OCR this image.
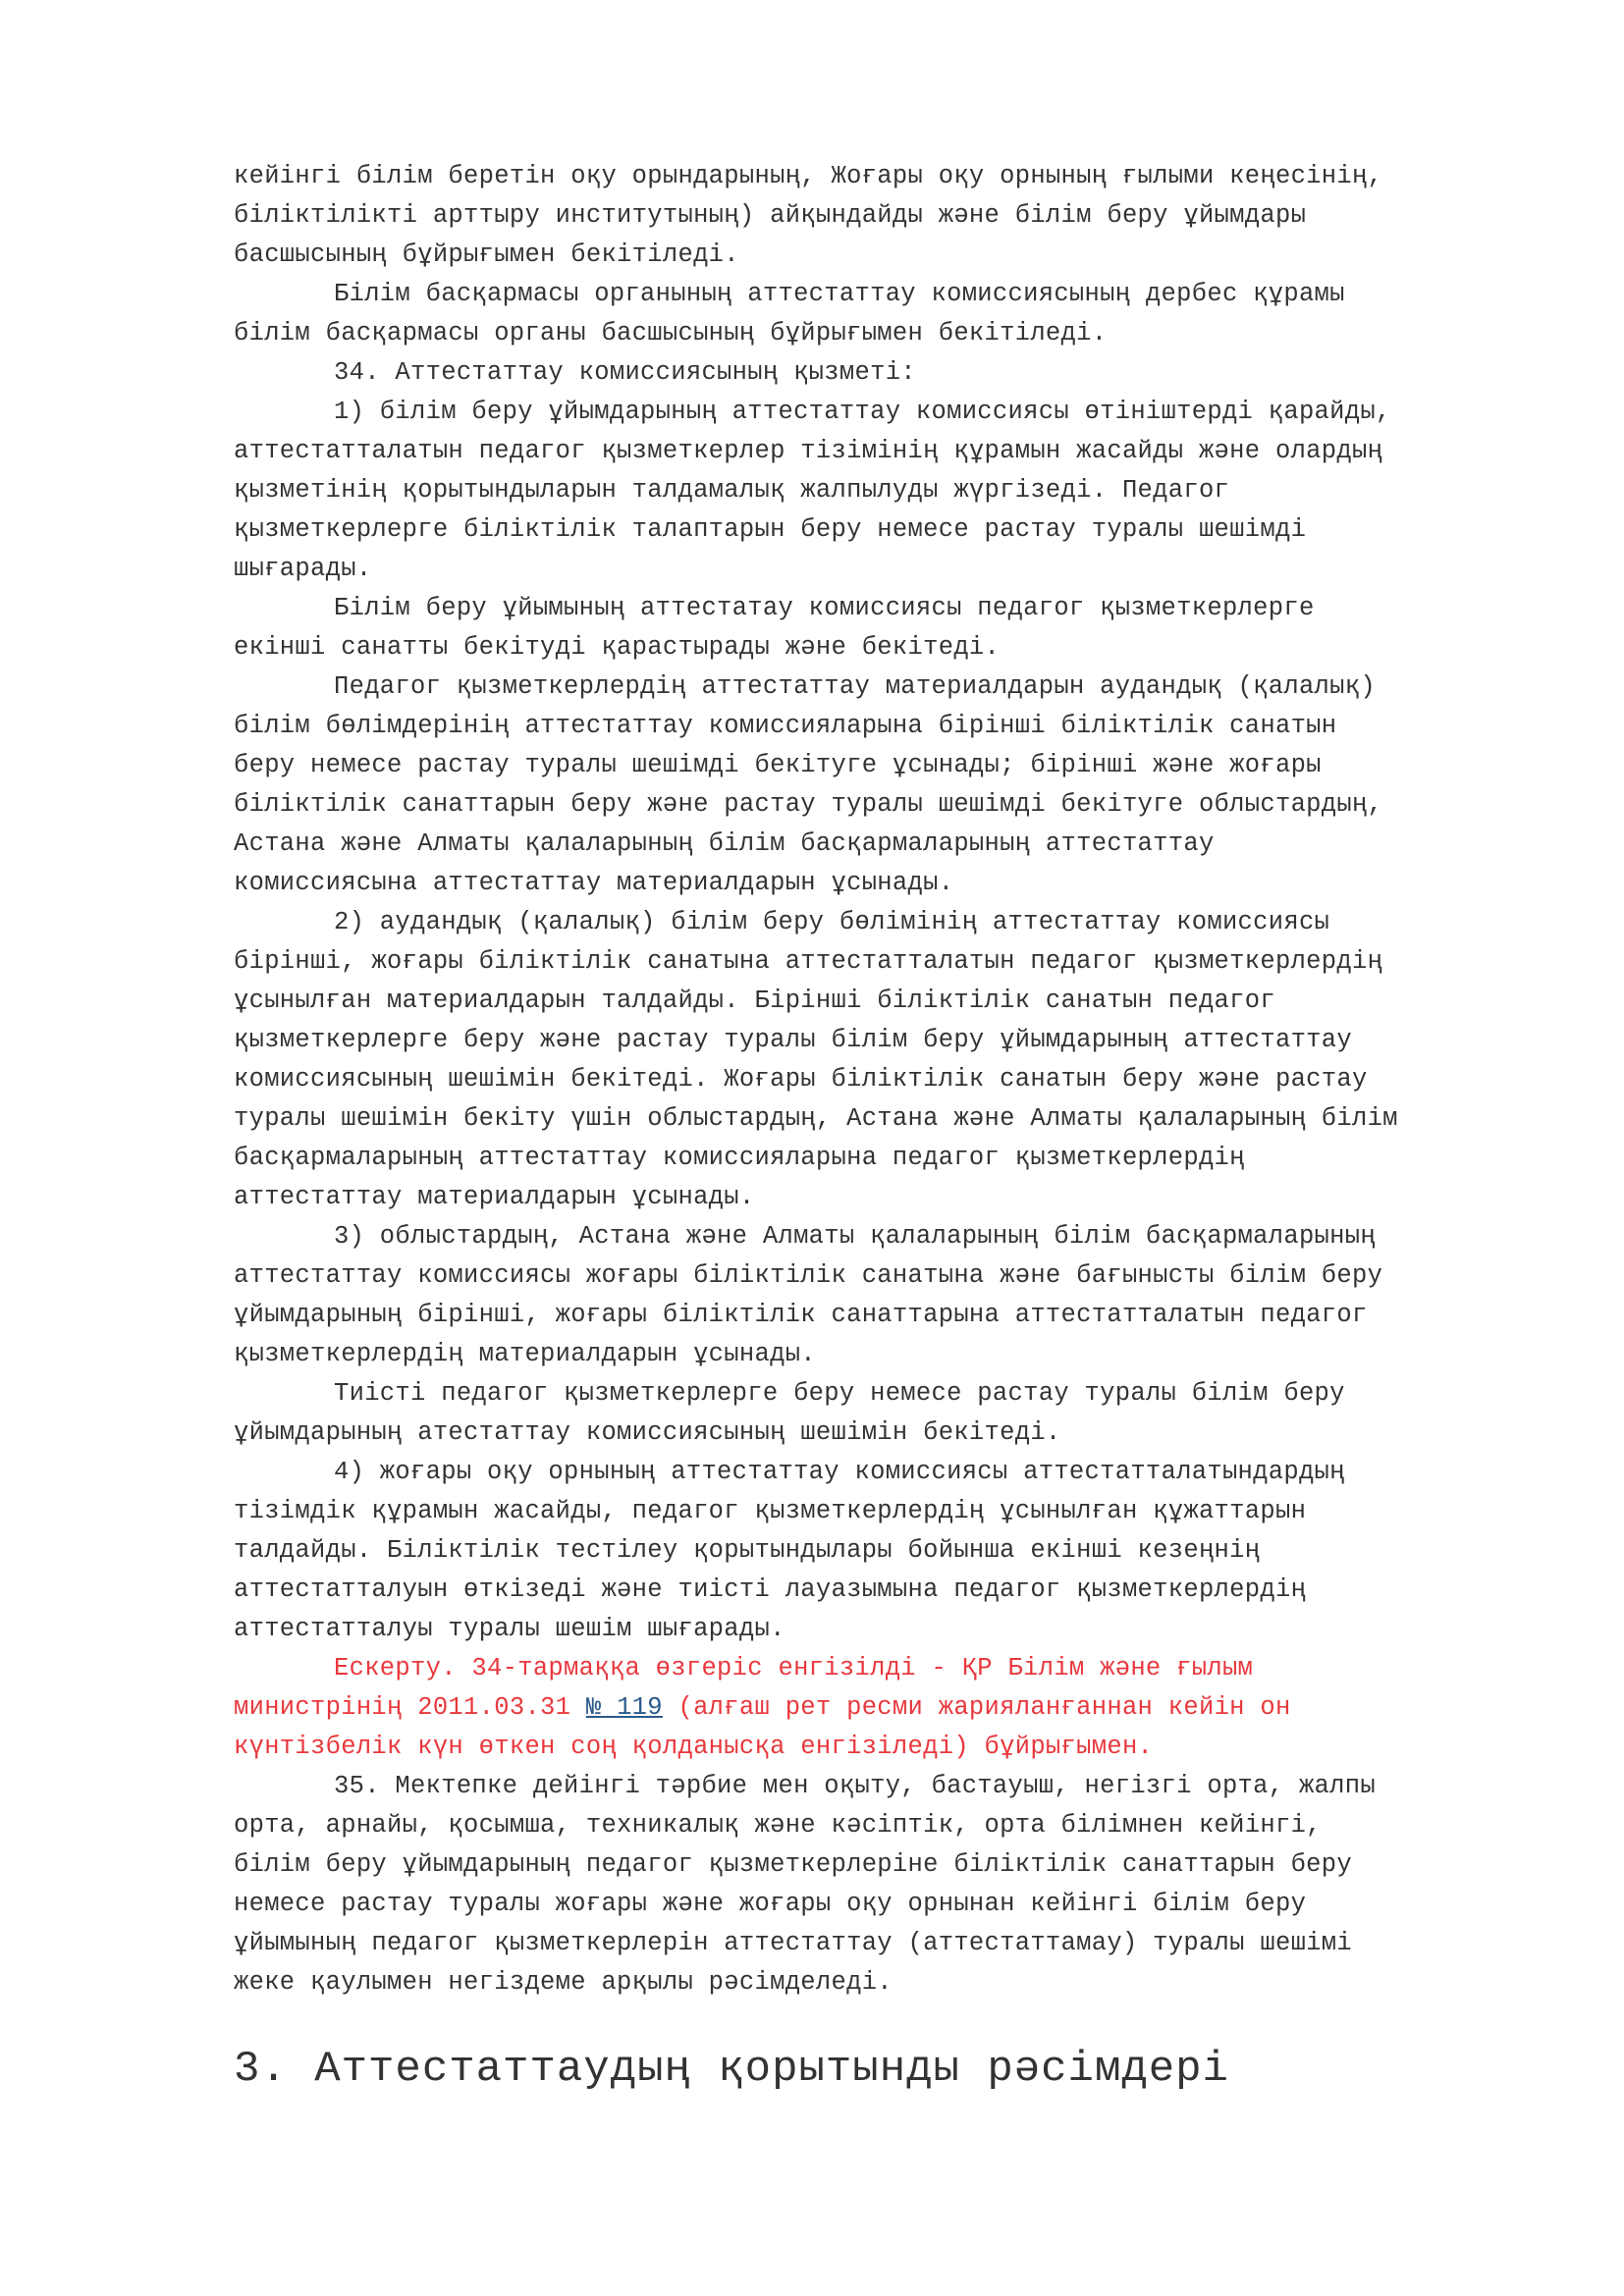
кейінгі білім беретін оқу орындарының, Жоғары оқу орнының ғылыми кеңесінің,
біліктілікті арттыру институтының) айқындайды және білім беру ұйымдары
басшысының бұйрығымен бекітіледі.
Білім басқармасы органының аттестаттау комиссиясының дербес құрамы
білім басқармасы органы басшысының бұйрығымен бекітіледі.
34. Аттестаттау комиссиясының қызметі:
1) білім беру ұйымдарының аттестаттау комиссиясы өтініштерді қарайды,
аттестатталатын педагог қызметкерлер тізімінің құрамын жасайды және олардың
қызметінің қорытындыларын талдамалық жалпылуды жүргізеді. Педагог
қызметкерлерге біліктілік талаптарын беру немесе растау туралы шешімді
шығарады.
Білім беру ұйымының аттестатау комиссиясы педагог қызметкерлерге
екінші санатты бекітуді қарастырады және бекітеді.
Педагог қызметкерлердің аттестаттау материалдарын аудандық (қалалық)
білім бөлімдерінің аттестаттау комиссияларына бірінші біліктілік санатын
беру немесе растау туралы шешімді бекітуге ұсынады; бірінші және жоғары
біліктілік санаттарын беру және растау туралы шешімді бекітуге облыстардың,
Астана және Алматы қалаларының білім басқармаларының аттестаттау
комиссиясына аттестаттау материалдарын ұсынады.
2) аудандық (қалалық) білім беру бөлімінің аттестаттау комиссиясы
бірінші, жоғары біліктілік санатына аттестатталатын педагог қызметкерлердің
ұсынылған материалдарын талдайды. Бірінші біліктілік санатын педагог
қызметкерлерге беру және растау туралы білім беру ұйымдарының аттестаттау
комиссиясының шешімін бекітеді. Жоғары біліктілік санатын беру және растау
туралы шешімін бекіту үшін облыстардың, Астана және Алматы қалаларының білім
басқармаларының аттестаттау комиссияларына педагог қызметкерлердің
аттестаттау материалдарын ұсынады.
3) облыстардың, Астана және Алматы қалаларының білім басқармаларының
аттестаттау комиссиясы жоғары біліктілік санатына және бағынысты білім беру
ұйымдарының бірінші, жоғары біліктілік санаттарына аттестатталатын педагог
қызметкерлердің материалдарын ұсынады.
Тиісті педагог қызметкерлерге беру немесе растау туралы білім беру
ұйымдарының атестаттау комиссиясының шешімін бекітеді.
4) жоғары оқу орнының аттестаттау комиссиясы аттестатталатындардың
тізімдік құрамын жасайды, педагог қызметкерлердің ұсынылған құжаттарын
талдайды. Біліктілік тестілеу қорытындылары бойынша екінші кезеңнің
аттестатталуын өткізеді және тиісті лауазымына педагог қызметкерлердің
аттестатталуы туралы шешім шығарады.
Ескерту. 34-тармаққа өзгеріс енгізілді - ҚР Білім және ғылым
министрінің 2011.03.31 № 119 (алғаш рет ресми жарияланғаннан кейін он
күнтізбелік күн өткен соң қолданысқа енгізіледі) бұйрығымен.
35. Мектепке дейінгі тәрбие мен оқыту, бастауыш, негізгі орта, жалпы
орта, арнайы, қосымша, техникалық және кәсіптік, орта білімнен кейінгі,
білім беру ұйымдарының педагог қызметкерлеріне біліктілік санаттарын беру
немесе растау туралы жоғары және жоғары оқу орнынан кейінгі білім беру
ұйымының педагог қызметкерлерін аттестаттау (аттестаттамау) туралы шешімі
жеке қаулымен негіздеме арқылы рәсімделеді.
3. Аттестаттаудың қорытынды рәсімдері
